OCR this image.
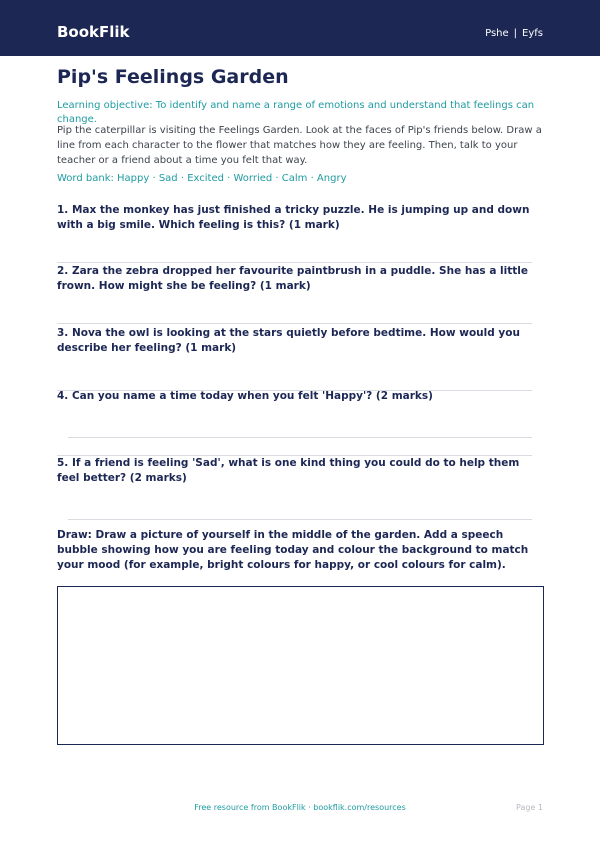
BookFlik	Pshe | Eyfs
Pip's Feelings Garden
Learning objective: To identify and name a range of emotions and understand that feelings can change.
Pip the caterpillar is visiting the Feelings Garden. Look at the faces of Pip's friends below. Draw a line from each character to the flower that matches how they are feeling. Then, talk to your teacher or a friend about a time you felt that way.
Word bank: Happy · Sad · Excited · Worried · Calm · Angry
1. Max the monkey has just finished a tricky puzzle. He is jumping up and down with a big smile. Which feeling is this? (1 mark)
2. Zara the zebra dropped her favourite paintbrush in a puddle. She has a little frown. How might she be feeling? (1 mark)
3. Nova the owl is looking at the stars quietly before bedtime. How would you describe her feeling? (1 mark)
4. Can you name a time today when you felt 'Happy'? (2 marks)
5. If a friend is feeling 'Sad', what is one kind thing you could do to help them feel better? (2 marks)
Draw: Draw a picture of yourself in the middle of the garden. Add a speech bubble showing how you are feeling today and colour the background to match your mood (for example, bright colours for happy, or cool colours for calm).
Free resource from BookFlik · bookflik.com/resources	Page 1
